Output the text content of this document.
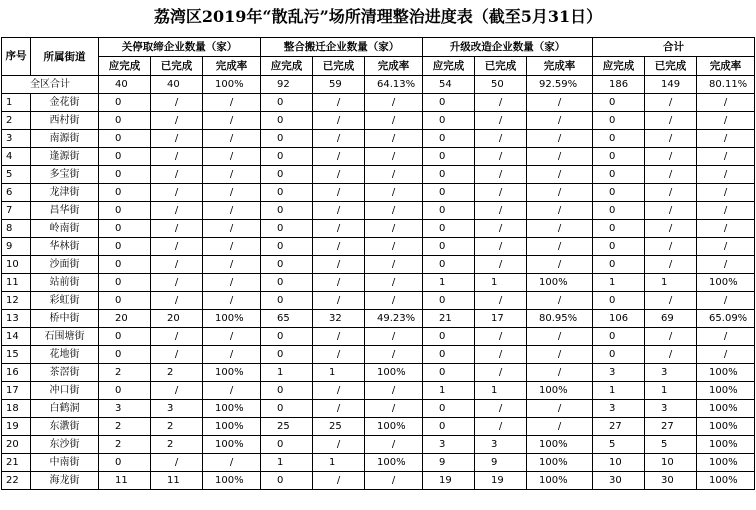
荔湾区2019年“散乱污”场所清理整治进度表（截至5月31日）
序号	所属街道	关停取缔企业数量（家）			整合搬迁企业数量（家）			升级改造企业数量（家）			合计		
		应完成	已完成	完成率	应完成	已完成	完成率	应完成	已完成	完成率	应完成	已完成	完成率
全区合计		40	40	100%	92	59	64.13%	54	50	92.59%	186	149	80.11%
1	金花街	0	/	/	0	/	/	0	/	/	0	/	/
2	西村街	0	/	/	0	/	/	0	/	/	0	/	/
3	南源街	0	/	/	0	/	/	0	/	/	0	/	/
4	逢源街	0	/	/	0	/	/	0	/	/	0	/	/
5	多宝街	0	/	/	0	/	/	0	/	/	0	/	/
6	龙津街	0	/	/	0	/	/	0	/	/	0	/	/
7	昌华街	0	/	/	0	/	/	0	/	/	0	/	/
8	岭南街	0	/	/	0	/	/	0	/	/	0	/	/
9	华林街	0	/	/	0	/	/	0	/	/	0	/	/
10	沙面街	0	/	/	0	/	/	0	/	/	0	/	/
11	站前街	0	/	/	0	/	/	1	1	100%	1	1	100%
12	彩虹街	0	/	/	0	/	/	0	/	/	0	/	/
13	桥中街	20	20	100%	65	32	49.23%	21	17	80.95%	106	69	65.09%
14	石围塘街	0	/	/	0	/	/	0	/	/	0	/	/
15	花地街	0	/	/	0	/	/	0	/	/	0	/	/
16	茶滘街	2	2	100%	1	1	100%	0	/	/	3	3	100%
17	冲口街	0	/	/	0	/	/	1	1	100%	1	1	100%
18	白鹤洞	3	3	100%	0	/	/	0	/	/	3	3	100%
19	东漖街	2	2	100%	25	25	100%	0	/	/	27	27	100%
20	东沙街	2	2	100%	0	/	/	3	3	100%	5	5	100%
21	中南街	0	/	/	1	1	100%	9	9	100%	10	10	100%
22	海龙街	11	11	100%	0	/	/	19	19	100%	30	30	100%
